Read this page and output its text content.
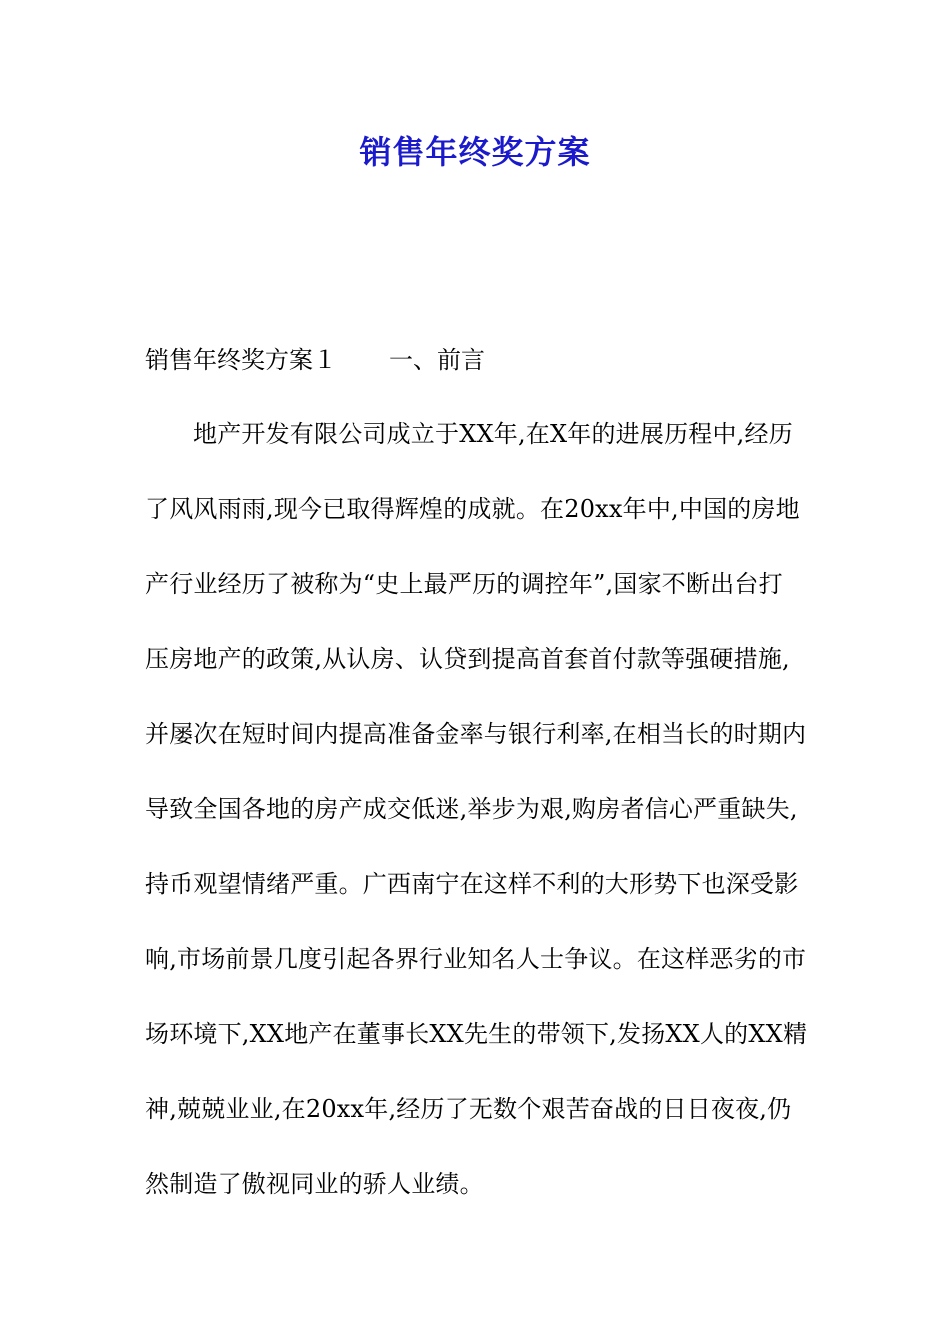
销售年终奖方案
销售年终奖方案１ 一、前言
地产开发有限公司成立于XX年,在X年的进展历程中,经历
了风风雨雨,现今已取得辉煌的成就。在20xx年中,中国的房地
产行业经历了被称为“史上最严历的调控年”,国家不断出台打
压房地产的政策,从认房、认贷到提高首套首付款等强硬措施,
并屡次在短时间内提高准备金率与银行利率,在相当长的时期内
导致全国各地的房产成交低迷,举步为艰,购房者信心严重缺失,
持币观望情绪严重。广西南宁在这样不利的大形势下也深受影
响,市场前景几度引起各界行业知名人士争议。在这样恶劣的市
场环境下,XX地产在董事长XX先生的带领下,发扬XX人的XX精
神,兢兢业业,在20xx年,经历了无数个艰苦奋战的日日夜夜,仍
然制造了傲视同业的骄人业绩。
